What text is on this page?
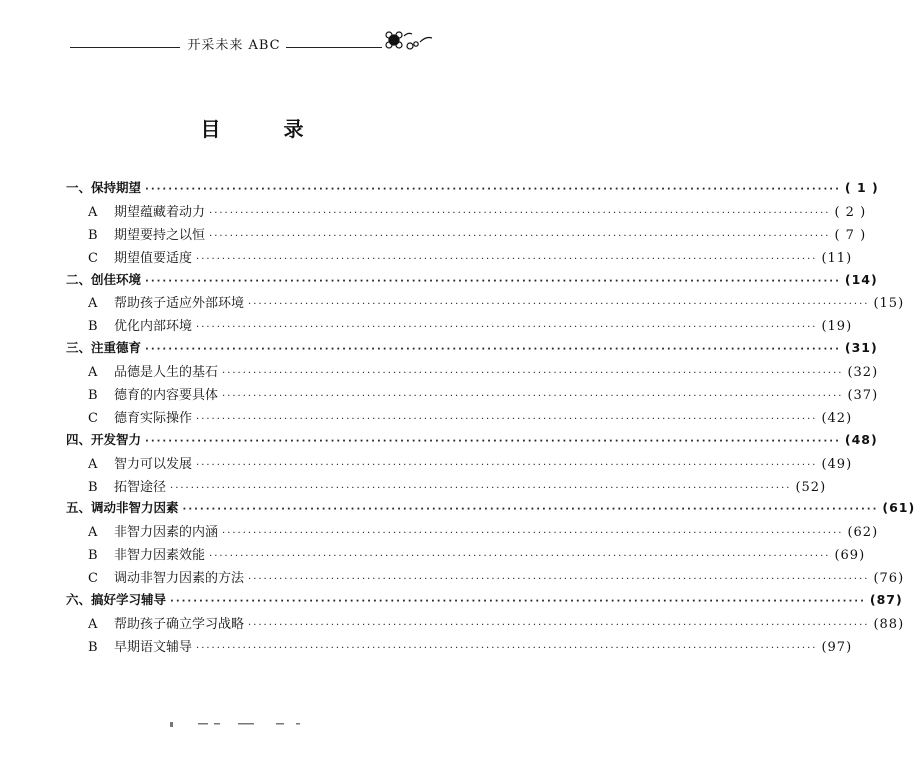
开采未来 ABC
目 录
一、保持期望 ························································································································ ( 1 )
A	期望蕴藏着动力 ························································································································ ( 2 )
B	期望要持之以恒 ························································································································ ( 7 )
C	期望值要适度 ························································································································ (11)
二、创佳环境 ························································································································ (14)
A	帮助孩子适应外部环境 ························································································································ (15)
B	优化内部环境 ························································································································ (19)
三、注重德育 ························································································································ (31)
A	品德是人生的基石 ························································································································ (32)
B	德育的内容要具体 ························································································································ (37)
C	德育实际操作 ························································································································ (42)
四、开发智力 ························································································································ (48)
A	智力可以发展 ························································································································ (49)
B	拓智途径 ························································································································ (52)
五、调动非智力因素 ························································································································ (61)
A	非智力因素的内涵 ························································································································ (62)
B	非智力因素效能 ························································································································ (69)
C	调动非智力因素的方法 ························································································································ (76)
六、搞好学习辅导 ························································································································ (87)
A	帮助孩子确立学习战略 ························································································································ (88)
B	早期语文辅导 ························································································································ (97)
